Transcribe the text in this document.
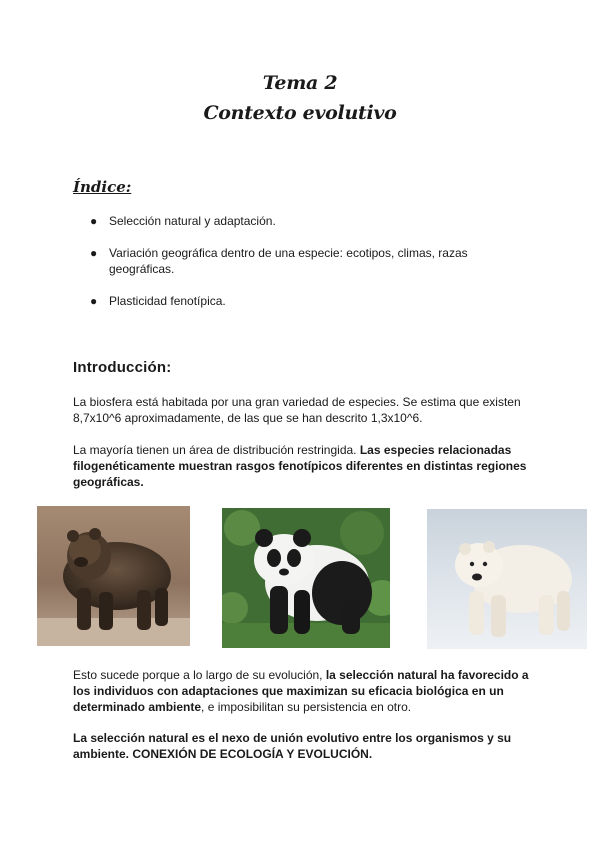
Tema 2
Contexto evolutivo
Índice:
● Selección natural y adaptación.
● Variación geográfica dentro de una especie: ecotipos, climas, razas geográficas.
● Plasticidad fenotípica.
Introducción:
La biosfera está habitada por una gran variedad de especies. Se estima que existen 8,7x10^6 aproximadamente, de las que se han descrito 1,3x10^6.
La mayoría tienen un área de distribución restringida. Las especies relacionadas filogenéticamente muestran rasgos fenotípicos diferentes en distintas regiones geográficas.
Esto sucede porque a lo largo de su evolución, la selección natural ha favorecido a los individuos con adaptaciones que maximizan su eficacia biológica en un determinado ambiente, e imposibilitan su persistencia en otro.
La selección natural es el nexo de unión evolutivo entre los organismos y su ambiente. CONEXIÓN DE ECOLOGÍA Y EVOLUCIÓN.
